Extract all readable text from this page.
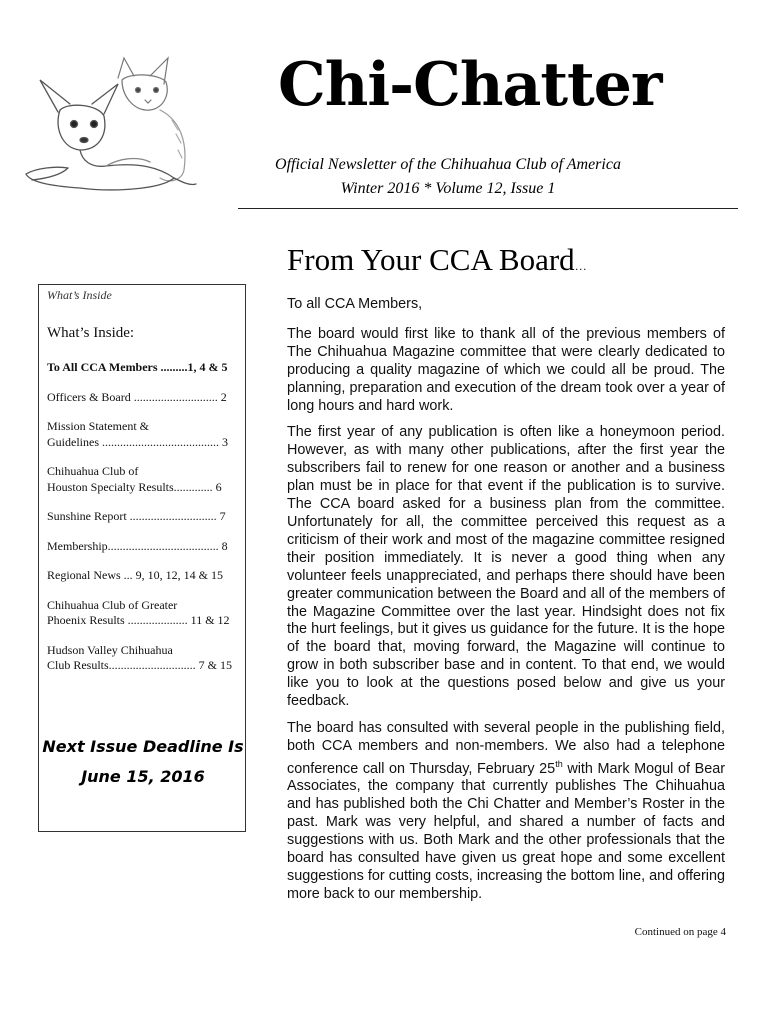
Chi-Chatter
Official Newsletter of the Chihuahua Club of America
Winter 2016 * Volume 12, Issue 1
From Your CCA Board…

To all CCA Members,

The board would first like to thank all of the previous members of The Chihuahua Magazine committee that were clearly dedicated to producing a quality magazine of which we could all be proud. The planning, preparation and execution of the dream took over a year of long hours and hard work.

The first year of any publication is often like a honeymoon period. However, as with many other publications, after the first year the subscribers fail to renew for one reason or another and a business plan must be in place for that event if the publication is to survive. The CCA board asked for a business plan from the committee. Unfortunately for all, the committee perceived this request as a criticism of their work and most of the magazine committee resigned their position immediately. It is never a good thing when any volunteer feels unappreciated, and perhaps there should have been greater communication between the Board and all of the members of the Magazine Committee over the last year. Hindsight does not fix the hurt feelings, but it gives us guidance for the future. It is the hope of the board that, moving forward, the Magazine will continue to grow in both subscriber base and in content. To that end, we would like you to look at the questions posed below and give us your feedback.

The board has consulted with several people in the publishing field, both CCA members and non-members. We also had a telephone conference call on Thursday, February 25th with Mark Mogul of Bear Associates, the company that currently publishes The Chihuahua and has published both the Chi Chatter and Member’s Roster in the past. Mark was very helpful, and shared a number of facts and suggestions with us. Both Mark and the other professionals that the board has consulted have given us great hope and some excellent suggestions for cutting costs, increasing the bottom line, and offering more back to our membership.

Continued on page 4
What’s Inside
What’s Inside:
To All CCA Members .........1, 4 & 5
Officers & Board ............................ 2
Mission Statement &
Guidelines ....................................... 3
Chihuahua Club of
Houston Specialty Results............. 6
Sunshine Report ............................. 7
Membership..................................... 8
Regional News ... 9, 10, 12, 14 & 15
Chihuahua Club of Greater
Phoenix Results .................... 11 & 12
Hudson Valley Chihuahua
Club Results............................. 7 & 15
Next Issue Deadline Is
June 15, 2016
